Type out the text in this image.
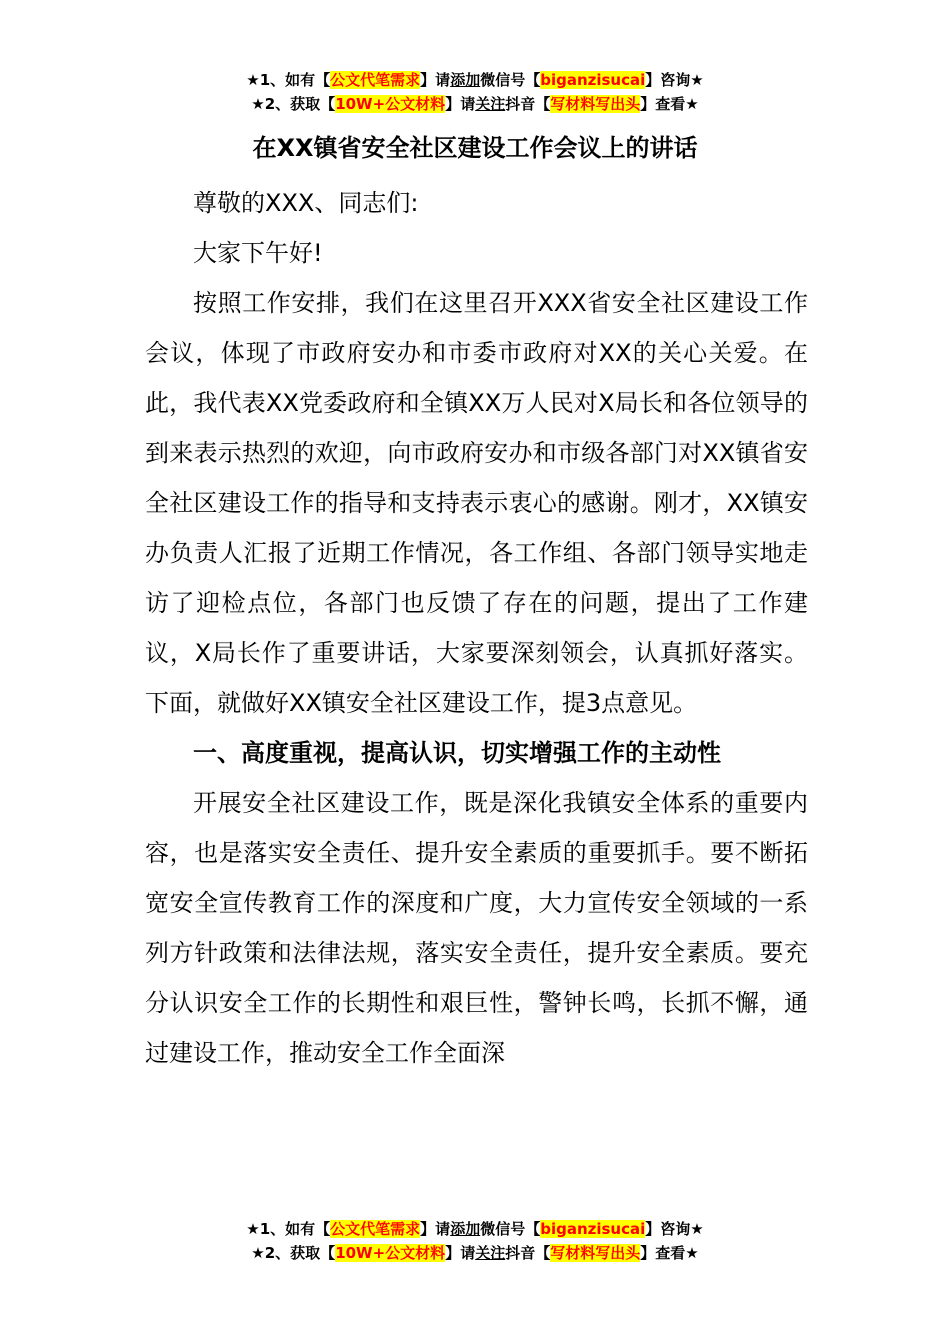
★1、如有【公文代笔需求】请添加微信号【biganzisucai】咨询★
★2、获取【10W+公文材料】请关注抖音【写材料写出头】查看★
在XX镇省安全社区建设工作会议上的讲话

尊敬的XXX、同志们:

大家下午好!

按照工作安排，我们在这里召开XXX省安全社区建设工作会议，体现了市政府安办和市委市政府对XX的关心关爱。在此，我代表XX党委政府和全镇XX万人民对X局长和各位领导的到来表示热烈的欢迎，向市政府安办和市级各部门对XX镇省安全社区建设工作的指导和支持表示衷心的感谢。刚才，XX镇安办负责人汇报了近期工作情况，各工作组、各部门领导实地走访了迎检点位，各部门也反馈了存在的问题，提出了工作建议，X局长作了重要讲话，大家要深刻领会，认真抓好落实。下面，就做好XX镇安全社区建设工作，提3点意见。

一、高度重视，提高认识，切实增强工作的主动性

开展安全社区建设工作，既是深化我镇安全体系的重要内容，也是落实安全责任、提升安全素质的重要抓手。要不断拓宽安全宣传教育工作的深度和广度，大力宣传安全领域的一系列方针政策和法律法规，落实安全责任，提升安全素质。要充分认识安全工作的长期性和艰巨性，警钟长鸣，长抓不懈，通过建设工作，推动安全工作全面深

★1、如有【公文代笔需求】请添加微信号【biganzisucai】咨询★
★2、获取【10W+公文材料】请关注抖音【写材料写出头】查看★
